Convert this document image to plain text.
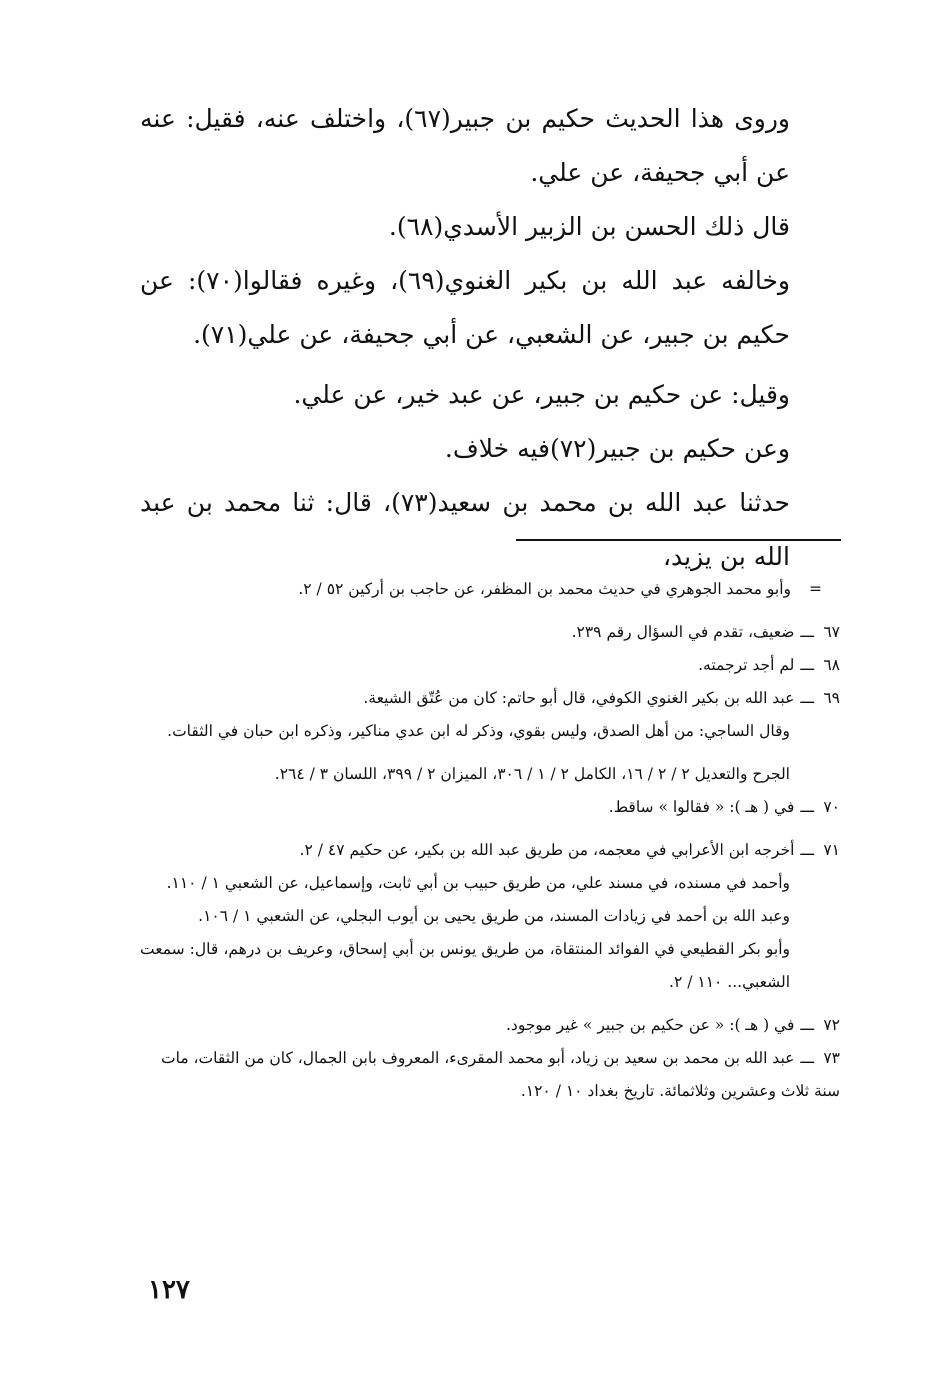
وروى هذا الحديث حكيم بن جبير(٦٧)، واختلف عنه، فقيل: عنه عن أبي جحيفة، عن علي.

قال ذلك الحسن بن الزبير الأسدي(٦٨).

وخالفه عبد الله بن بكير الغنوي(٦٩)، وغيره فقالوا(٧٠): عن حكيم بن جبير، عن الشعبي، عن أبي جحيفة، عن علي(٧١).

وقيل: عن حكيم بن جبير، عن عبد خير، عن علي.

وعن حكيم بن جبير(٧٢)فيه خلاف.

حدثنا عبد الله بن محمد بن سعيد(٧٣)، قال: ثنا محمد بن عبد الله بن يزيد،

=وأبو محمد الجوهري في حديث محمد بن المظفر، عن حاجب بن أركين ٥٢ / ٢.

٦٧ـــضعيف، تقدم في السؤال رقم ٢٣٩.

٦٨ـــلم أجد ترجمته.

٦٩ـــعبد الله بن بكير الغنوي الكوفي، قال أبو حاتم: كان من عُتّق الشيعة.
وقال الساجي: من أهل الصدق، وليس بقوي، وذكر له ابن عدي مناكير، وذكره ابن حبان في الثقات.
الجرح والتعديل ٢ / ٢ / ١٦، الكامل ٢ / ١ / ٣٠٦، الميزان ٢ / ٣٩٩، اللسان ٣ / ٢٦٤.

٧٠ـــفي ( هـ ): « فقالوا » ساقط.

٧١ـــأخرجه ابن الأعرابي في معجمه، من طريق عبد الله بن بكير، عن حكيم ٤٧ / ٢.
وأحمد في مسنده، في مسند علي، من طريق حبيب بن أبي ثابت، وإسماعيل، عن الشعبي ١ / ١١٠.
وعبد الله بن أحمد في زيادات المسند، من طريق يحيى بن أيوب البجلي، عن الشعبي ١ / ١٠٦.
وأبو بكر القطيعي في الفوائد المنتقاة، من طريق يونس بن أبي إسحاق، وعريف بن درهم، قال: سمعت الشعبي... ١١٠ / ٢.

٧٢ـــفي ( هـ ): « عن حكيم بن جبير » غير موجود.

٧٣ـــعبد الله بن محمد بن سعيد بن زياد، أبو محمد المقرىء، المعروف بابن الجمال، كان من الثقات، مات سنة ثلاث وعشرين وثلاثمائة. تاريخ بغداد ١٠ / ١٢٠.

١٢٧
